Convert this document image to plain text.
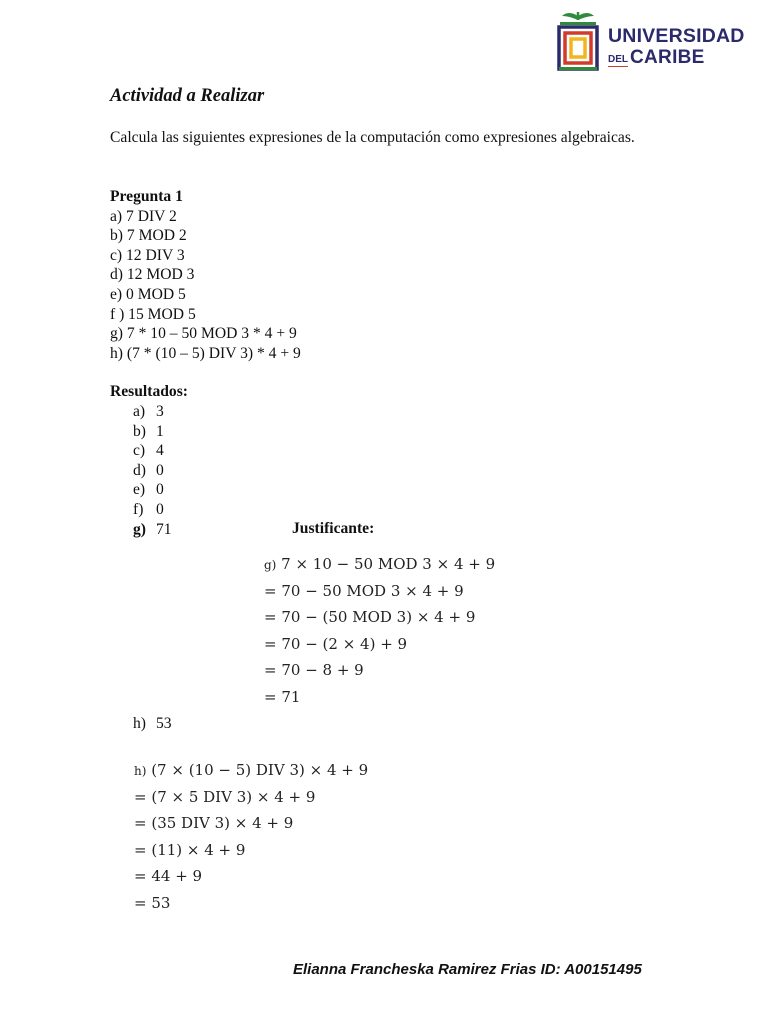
UNIVERSIDAD
DEL CARIBE
Actividad a Realizar

Calcula las siguientes expresiones de la computación como expresiones algebraicas.

Pregunta 1
a) 7 DIV 2
b) 7 MOD 2
c) 12 DIV 3
d) 12 MOD 3
e) 0 MOD 5
f ) 15 MOD 5
g) 7 * 10 – 50 MOD 3 * 4 + 9
h) (7 * (10 – 5) DIV 3) * 4 + 9
Resultados:
a) 3
b) 1
c) 4
d) 0
e) 0
f) 0
g) 71	Justificante:
g) 7 × 10 − 50 MOD 3 × 4 + 9
= 70 − 50 MOD 3 × 4 + 9
= 70 − (50 MOD 3) × 4 + 9
= 70 − (2 × 4) + 9
= 70 − 8 + 9
= 71
h) 53
h) (7 × (10 − 5) DIV 3) × 4 + 9
= (7 × 5 DIV 3) × 4 + 9
= (35 DIV 3) × 4 + 9
= (11) × 4 + 9
= 44 + 9
= 53
Elianna Francheska Ramirez Frias ID: A00151495
